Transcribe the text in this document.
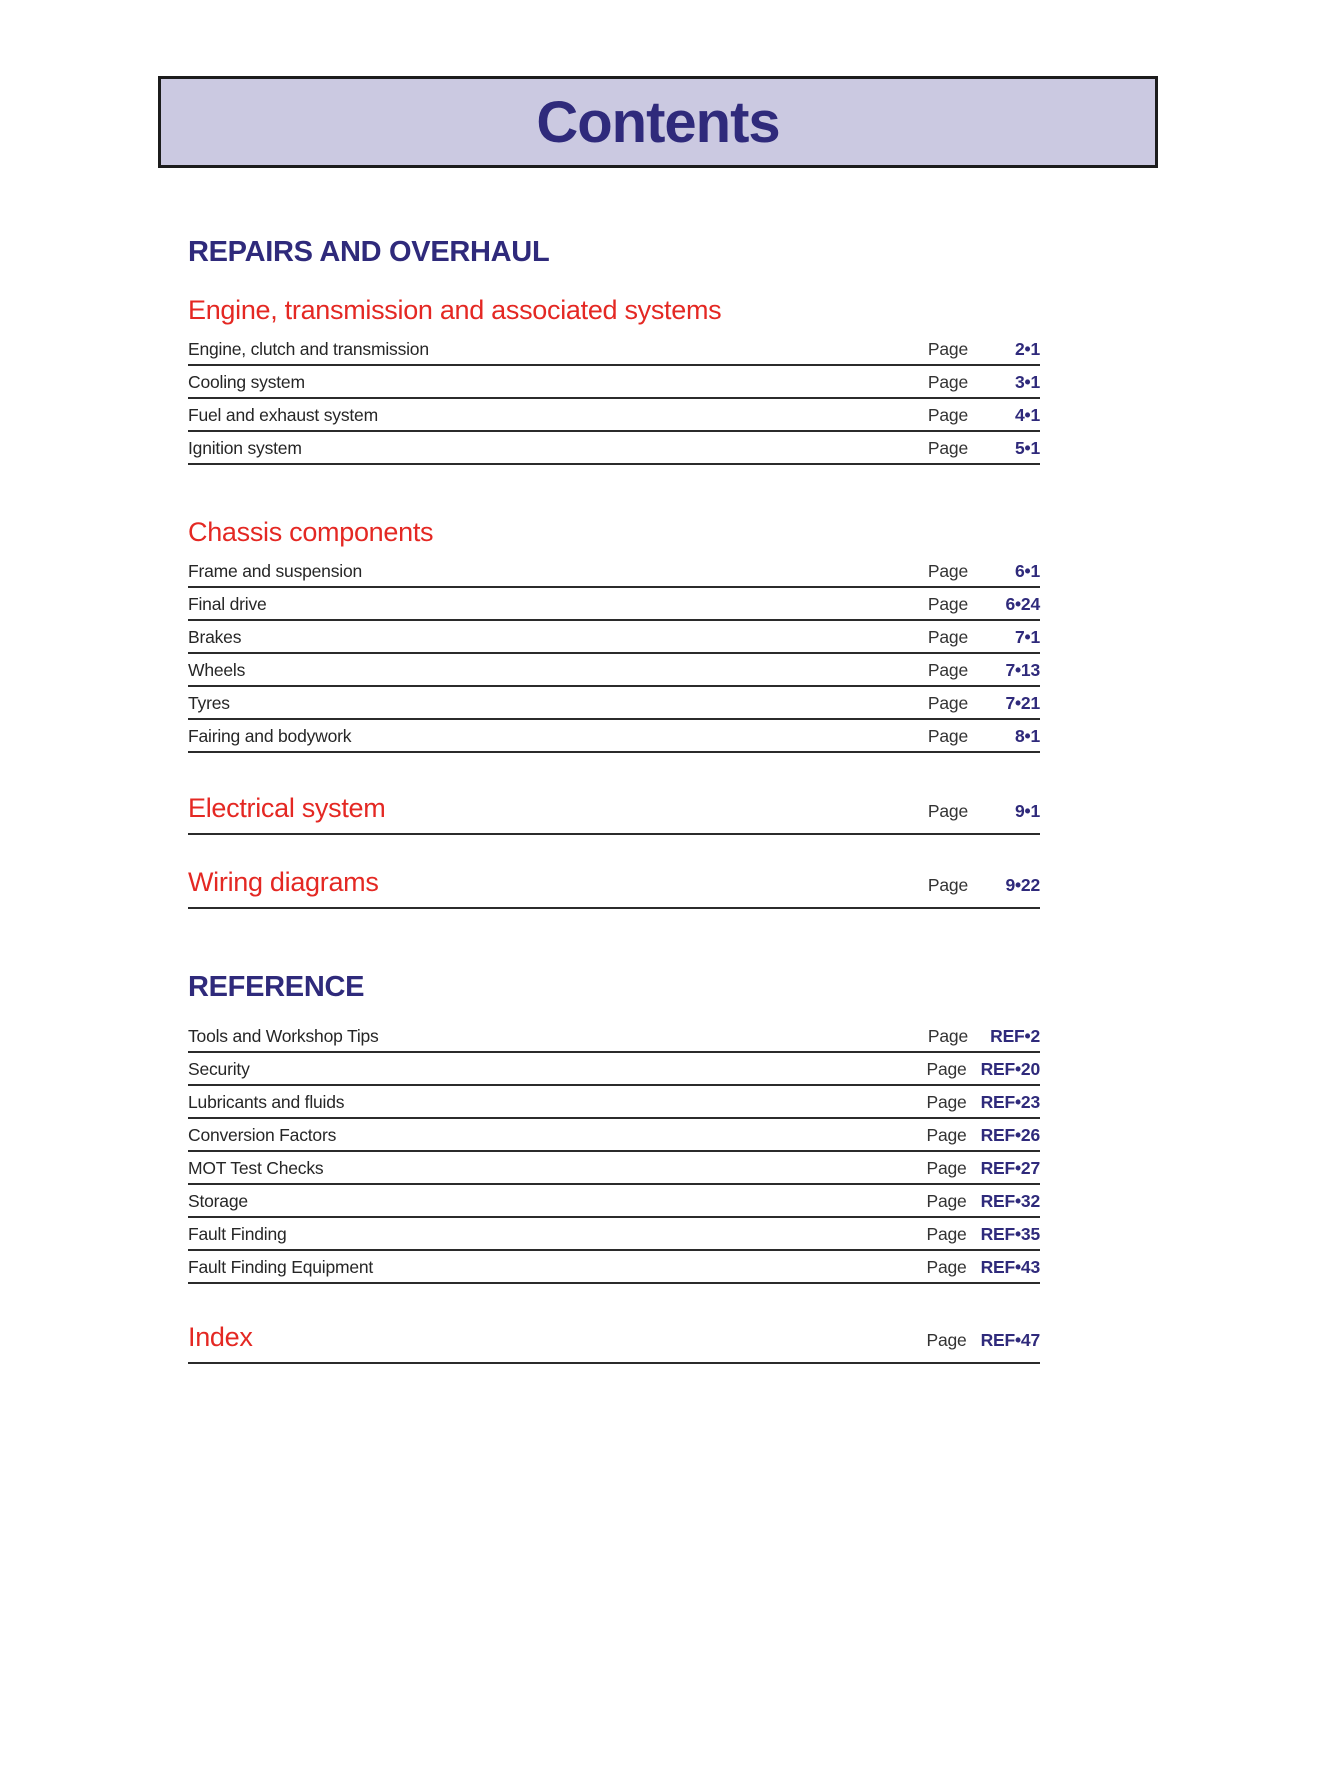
Contents
REPAIRS AND OVERHAUL
Engine, transmission and associated systems
Engine, clutch and transmission	Page	2•1
Cooling system	Page	3•1
Fuel and exhaust system	Page	4•1
Ignition system	Page	5•1
Chassis components
Frame and suspension	Page	6•1
Final drive	Page	6•24
Brakes	Page	7•1
Wheels	Page	7•13
Tyres	Page	7•21
Fairing and bodywork	Page	8•1
Electrical system	Page	9•1
Wiring diagrams	Page	9•22
REFERENCE
Tools and Workshop Tips	Page	REF•2
Security	Page REF•20
Lubricants and fluids	Page REF•23
Conversion Factors	Page REF•26
MOT Test Checks	Page REF•27
Storage	Page REF•32
Fault Finding	Page REF•35
Fault Finding Equipment	Page REF•43
Index	Page REF•47
